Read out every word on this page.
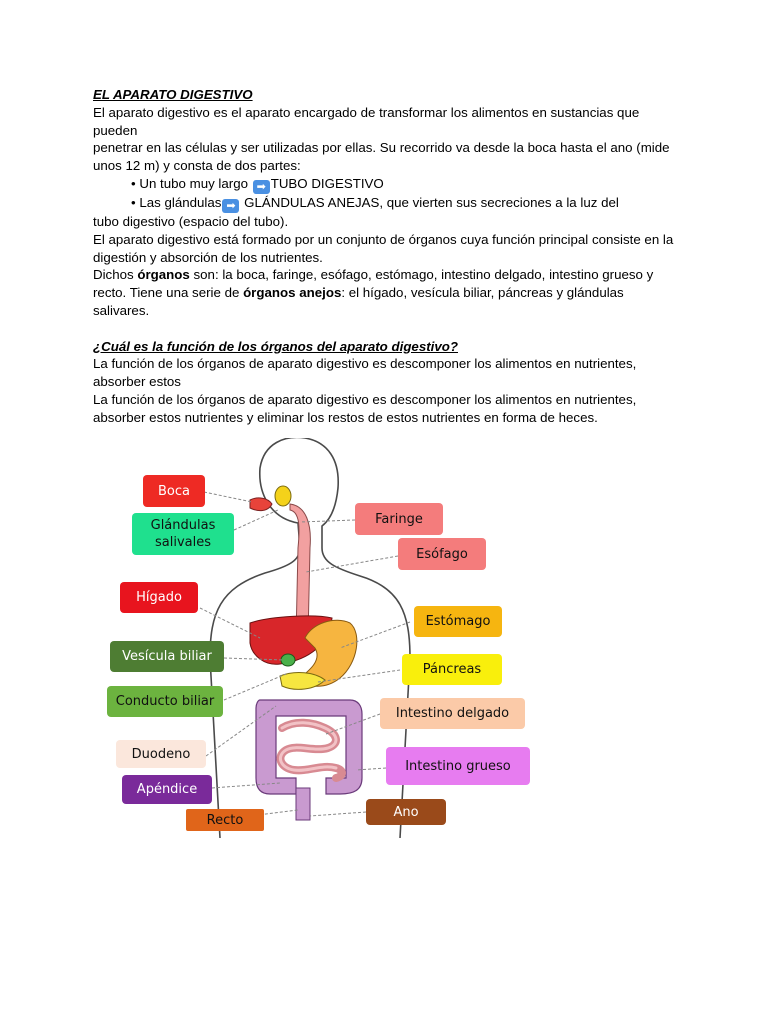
EL APARATO DIGESTIVO

El aparato digestivo es el aparato encargado de transformar los alimentos en sustancias que pueden

penetrar en las células y ser utilizadas por ellas. Su recorrido va desde la boca hasta el ano (mide unos 12 m) y consta de dos partes:

• Un tubo muy largo ➡ TUBO DIGESTIVO

• Las glándulas ➡ GLÁNDULAS ANEJAS, que vierten sus secreciones a la luz del

tubo digestivo (espacio del tubo).

El aparato digestivo está formado por un conjunto de órganos cuya función principal consiste en la digestión y absorción de los nutrientes.

Dichos órganos son: la boca, faringe, esófago, estómago, intestino delgado, intestino grueso y recto. Tiene una serie de órganos anejos: el hígado, vesícula biliar, páncreas y glándulas salivares.

¿Cuál es la función de los órganos del aparato digestivo?

La función de los órganos de aparato digestivo es descomponer los alimentos en nutrientes, absorber estos

La función de los órganos de aparato digestivo es descomponer los alimentos en nutrientes, absorber estos nutrientes y eliminar los restos de estos nutrientes en forma de heces.

Boca
Glándulas salivales
Hígado
Vesícula biliar
Conducto biliar
Duodeno
Apéndice
Recto
Faringe
Esófago
Estómago
Páncreas
Intestino delgado
Intestino grueso
Ano
